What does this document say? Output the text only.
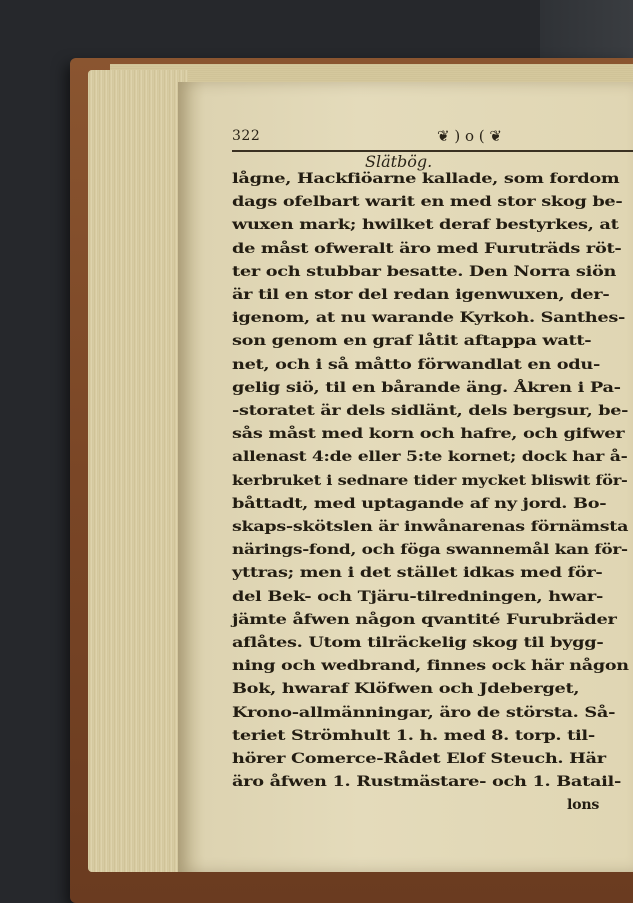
322	❦ ) o ( ❦
Slätbög.
lågne, Hackfiöarne kallade, som fordom
dags ofelbart warit en med stor skog be-
wuxen mark; hwilket deraf bestyrkes, at
de måst ofweralt äro med Furuträds röt-
ter och stubbar besatte. Den Norra siön
är til en stor del redan igenwuxen, der-
igenom, at nu warande Kyrkoh. Santhes-
son genom en graf låtit aftappa watt-
net, och i så måtto förwandlat en odu-
gelig siö, til en bårande äng. Åkren i Pa-
-storatet är dels sidlänt, dels bergsur, be-
sås måst med korn och hafre, och gifwer
allenast 4:de eller 5:te kornet; dock har å-
kerbruket i sednare tider mycket bliswit för-
båttadt, med uptagande af ny jord. Bo-
skaps-skötslen är inwånarenas förnämsta
närings-fond, och föga swannemål kan för-
yttras; men i det stället idkas med för-
del Bek- och Tjäru-tilredningen, hwar-
jämte åfwen någon qvantité Furubräder
aflåtes. Utom tilräckelig skog til bygg-
ning och wedbrand, finnes ock här någon
Bok, hwaraf Klöfwen och Jdeberget,
Krono-allmänningar, äro de största. Så-
teriet Strömhult 1. h. med 8. torp. til-
hörer Comerce-Rådet Elof Steuch. Här
äro åfwen 1. Rustmästare- och 1. Batail-
lons
